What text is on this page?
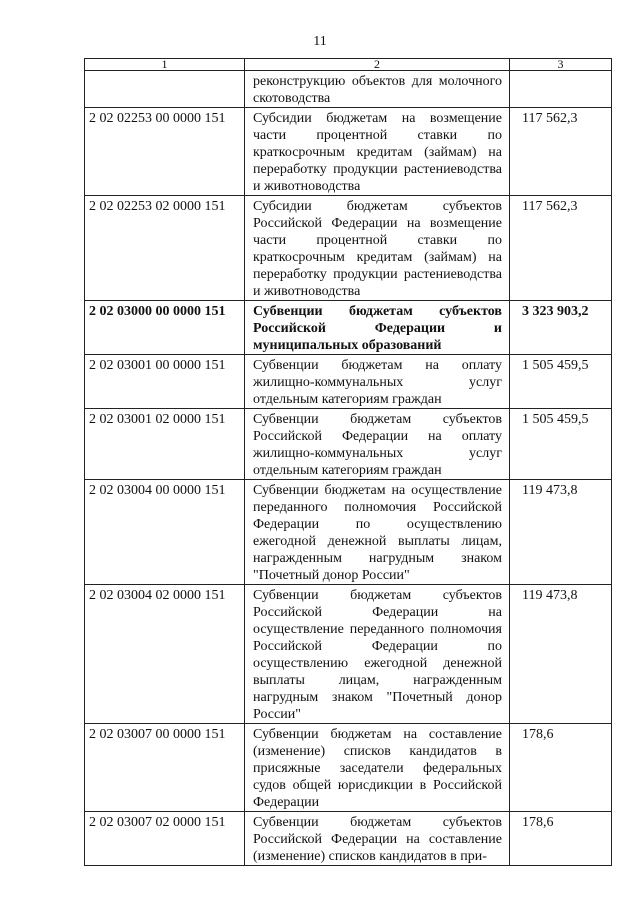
11
1	2	3
	реконструкцию объектов для молочного скотоводства	
2 02 02253 00 0000 151	Субсидии бюджетам на возмещение части процентной ставки по краткосрочным кредитам (займам) на переработку продукции растениеводства и животноводства	117 562,3
2 02 02253 02 0000 151	Субсидии бюджетам субъектов Российской Федерации на возмещение части процентной ставки по краткосрочным кредитам (займам) на переработку продукции растениеводства и животноводства	117 562,3
2 02 03000 00 0000 151	Субвенции бюджетам субъектов Российской Федерации и муниципальных образований	3 323 903,2
2 02 03001 00 0000 151	Субвенции бюджетам на оплату жилищно-коммунальных услуг отдельным категориям граждан	1 505 459,5
2 02 03001 02 0000 151	Субвенции бюджетам субъектов Российской Федерации на оплату жилищно-коммунальных услуг отдельным категориям граждан	1 505 459,5
2 02 03004 00 0000 151	Субвенции бюджетам на осуществление переданного полномочия Российской Федерации по осуществлению ежегодной денежной выплаты лицам, награжденным нагрудным знаком "Почетный донор России"	119 473,8
2 02 03004 02 0000 151	Субвенции бюджетам субъектов Российской Федерации на осуществление переданного полномочия Российской Федерации по осуществлению ежегодной денежной выплаты лицам, награжденным нагрудным знаком "Почетный донор России"	119 473,8
2 02 03007 00 0000 151	Субвенции бюджетам на составление (изменение) списков кандидатов в присяжные заседатели федеральных судов общей юрисдикции в Российской Федерации	178,6
2 02 03007 02 0000 151	Субвенции бюджетам субъектов Российской Федерации на составление (изменение) списков кандидатов в при-	178,6
